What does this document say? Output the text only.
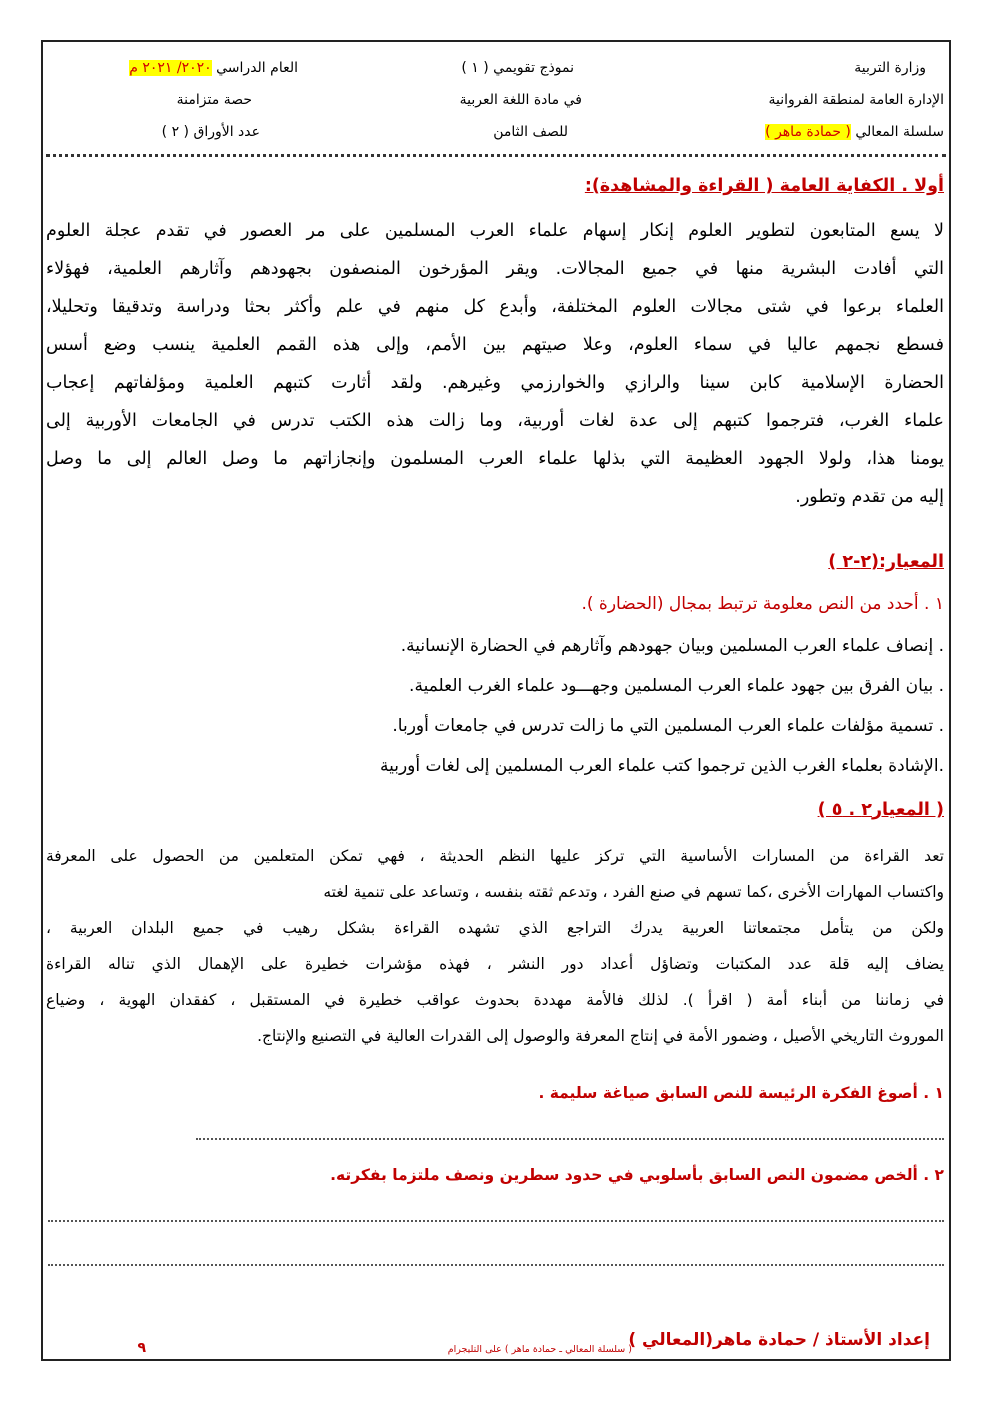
وزارة التربية
الإدارة العامة لمنطقة الفروانية
سلسلة المعالي ( حمادة ماهر )
نموذج تقويمي ( ١ )
في مادة اللغة العربية
للصف الثامن
العام الدراسي ٢٠٢٠/ ٢٠٢١ م
حصة متزامنة
عدد الأوراق ( ٢ )
أولا . الكفاية العامة ( القراءة والمشاهدة):
لا يسع المتابعون لتطوير العلوم إنكار إسهام علماء العرب المسلمين على مر العصور في تقدم عجلة العلوم
التي أفادت البشرية منها في جميع المجالات. ويقر المؤرخون المنصفون بجهودهم وآثارهم العلمية، فهؤلاء
العلماء برعوا في شتى مجالات العلوم المختلفة، وأبدع كل منهم في علم وأكثر بحثا ودراسة وتدقيقا وتحليلا،
فسطع نجمهم عاليا في سماء العلوم، وعلا صيتهم بين الأمم، وإلى هذه القمم العلمية ينسب وضع أسس
الحضارة الإسلامية كابن سينا والرازي والخوارزمي وغيرهم. ولقد أثارت كتبهم العلمية ومؤلفاتهم إعجاب
علماء الغرب، فترجموا كتبهم إلى عدة لغات أوربية، وما زالت هذه الكتب تدرس في الجامعات الأوربية إلى
يومنا هذا، ولولا الجهود العظيمة التي بذلها علماء العرب المسلمون وإنجازاتهم ما وصل العالم إلى ما وصل
إليه من تقدم وتطور.
المعيار:(٢-٢ )
١ . أحدد من النص معلومة ترتبط بمجال (الحضارة ).
. إنصاف علماء العرب المسلمين وبيان جهودهم وآثارهم في الحضارة الإنسانية.
. بيان الفرق بين جهود علماء العرب المسلمين وجهـــود علماء الغرب العلمية.
. تسمية مؤلفات علماء العرب المسلمين التي ما زالت تدرس في جامعات أوربا.
.الإشادة بعلماء الغرب الذين ترجموا كتب علماء العرب المسلمين إلى لغات أوربية
( المعيار٢ . ٥ )
تعد القراءة من المسارات الأساسية التي تركز عليها النظم الحديثة ، فهي تمكن المتعلمين من الحصول على المعرفة
واكتساب المهارات الأخرى ،كما تسهم في صنع الفرد ، وتدعم ثقته بنفسه ، وتساعد على تنمية لغته
ولكن من يتأمل مجتمعاتنا العربية يدرك التراجع الذي تشهده القراءة بشكل رهيب في جميع البلدان العربية ،
يضاف إليه قلة عدد المكتبات وتضاؤل أعداد دور النشر ، فهذه مؤشرات خطيرة على الإهمال الذي تناله القراءة
في زماننا من أبناء أمة ( اقرأ ). لذلك فالأمة مهددة بحدوث عواقب خطيرة في المستقبل ، كفقدان الهوية ، وضياع
الموروث التاريخي الأصيل ، وضمور الأمة في إنتاج المعرفة والوصول إلى القدرات العالية في التصنيع والإنتاج.
١ . أصوغ الفكرة الرئيسة للنص السابق صياغة سليمة .
٢ . ألخص مضمون النص السابق بأسلوبي في حدود سطرين ونصف ملتزما بفكرته.
إعداد الأستاذ / حمادة ماهر(المعالي )
( سلسلة المعالي ـ حمادة ماهر ) على التليجرام
٩
